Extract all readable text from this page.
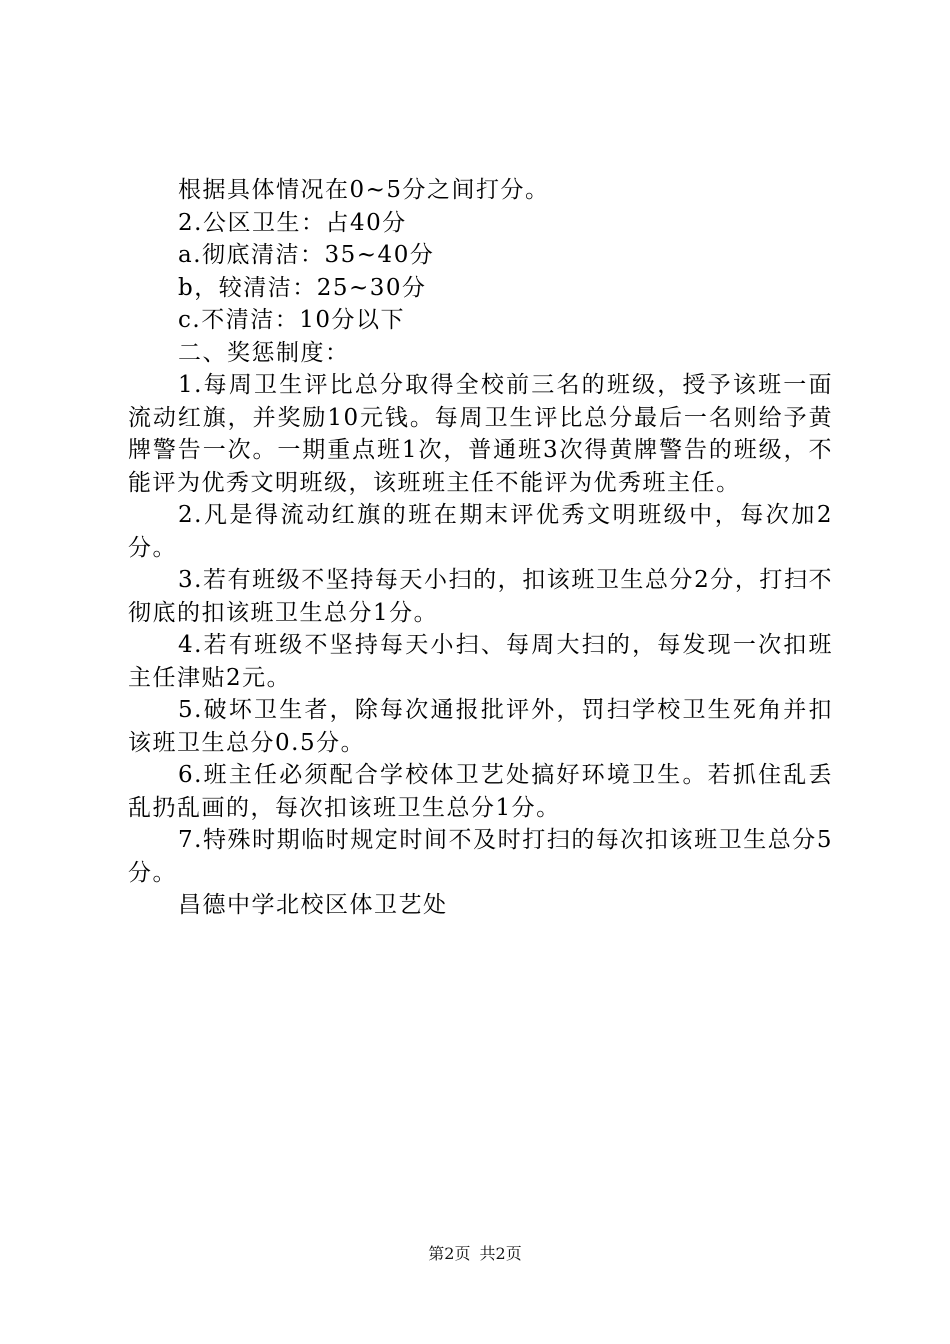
根据具体情况在0~5分之间打分。

2.公区卫生：占40分

a.彻底清洁：35~40分

b，较清洁：25~30分

c.不清洁：10分以下

二、奖惩制度：

1.每周卫生评比总分取得全校前三名的班级，授予该班一面流动红旗，并奖励10元钱。每周卫生评比总分最后一名则给予黄牌警告一次。一期重点班1次，普通班3次得黄牌警告的班级，不能评为优秀文明班级，该班班主任不能评为优秀班主任。

2.凡是得流动红旗的班在期末评优秀文明班级中，每次加2分。

3.若有班级不坚持每天小扫的，扣该班卫生总分2分，打扫不彻底的扣该班卫生总分1分。

4.若有班级不坚持每天小扫、每周大扫的，每发现一次扣班主任津贴2元。

5.破坏卫生者，除每次通报批评外，罚扫学校卫生死角并扣该班卫生总分0.5分。

6.班主任必须配合学校体卫艺处搞好环境卫生。若抓住乱丢乱扔乱画的，每次扣该班卫生总分1分。

7.特殊时期临时规定时间不及时打扫的每次扣该班卫生总分5分。

昌德中学北校区体卫艺处

第2页 共2页
